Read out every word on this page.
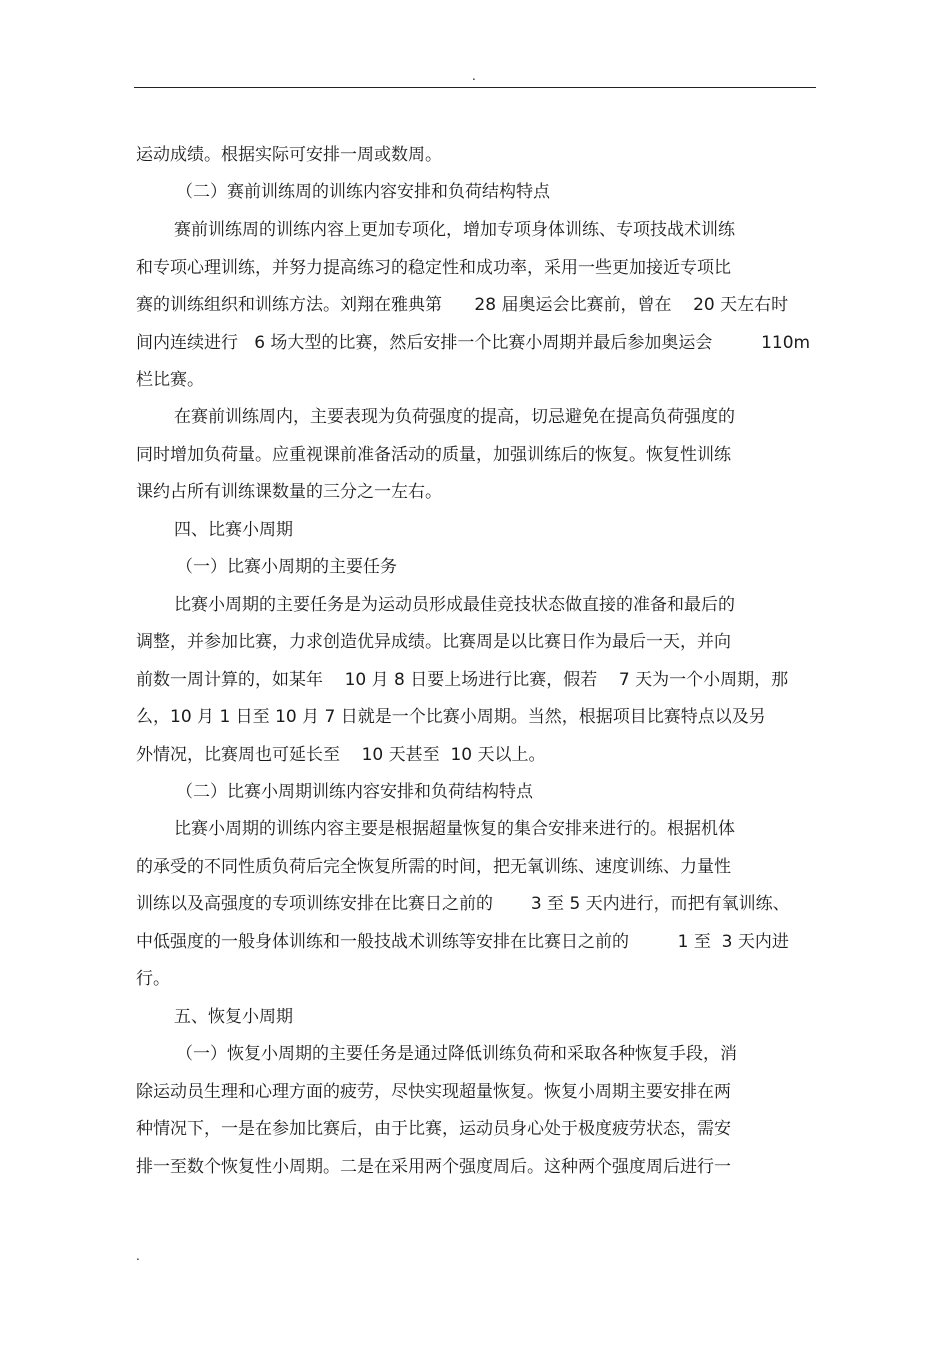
.
运动成绩。根据实际可安排一周或数周。
（二）赛前训练周的训练内容安排和负荷结构特点
赛前训练周的训练内容上更加专项化，增加专项身体训练、专项技战术训练
和专项心理训练，并努力提高练习的稳定性和成功率，采用一些更加接近专项比
赛的训练组织和训练方法。刘翔在雅典第      28 届奥运会比赛前，曾在    20 天左右时
间内连续进行   6 场大型的比赛，然后安排一个比赛小周期并最后参加奥运会         110m
栏比赛。
在赛前训练周内，主要表现为负荷强度的提高，切忌避免在提高负荷强度的
同时增加负荷量。应重视课前准备活动的质量，加强训练后的恢复。恢复性训练
课约占所有训练课数量的三分之一左右。
四、比赛小周期
（一）比赛小周期的主要任务
比赛小周期的主要任务是为运动员形成最佳竞技状态做直接的准备和最后的
调整，并参加比赛，力求创造优异成绩。比赛周是以比赛日作为最后一天，并向
前数一周计算的，如某年    10 月 8 日要上场进行比赛，假若    7 天为一个小周期，那
么，10 月 1 日至 10 月 7 日就是一个比赛小周期。当然，根据项目比赛特点以及另
外情况，比赛周也可延长至    10 天甚至  10 天以上。
（二）比赛小周期训练内容安排和负荷结构特点
比赛小周期的训练内容主要是根据超量恢复的集合安排来进行的。根据机体
的承受的不同性质负荷后完全恢复所需的时间，把无氧训练、速度训练、力量性
训练以及高强度的专项训练安排在比赛日之前的       3 至 5 天内进行，而把有氧训练、
中低强度的一般身体训练和一般技战术训练等安排在比赛日之前的         1 至  3 天内进
行。
五、恢复小周期
（一）恢复小周期的主要任务是通过降低训练负荷和采取各种恢复手段，消
除运动员生理和心理方面的疲劳，尽快实现超量恢复。恢复小周期主要安排在两
种情况下，一是在参加比赛后，由于比赛，运动员身心处于极度疲劳状态，需安
排一至数个恢复性小周期。二是在采用两个强度周后。这种两个强度周后进行一
.
